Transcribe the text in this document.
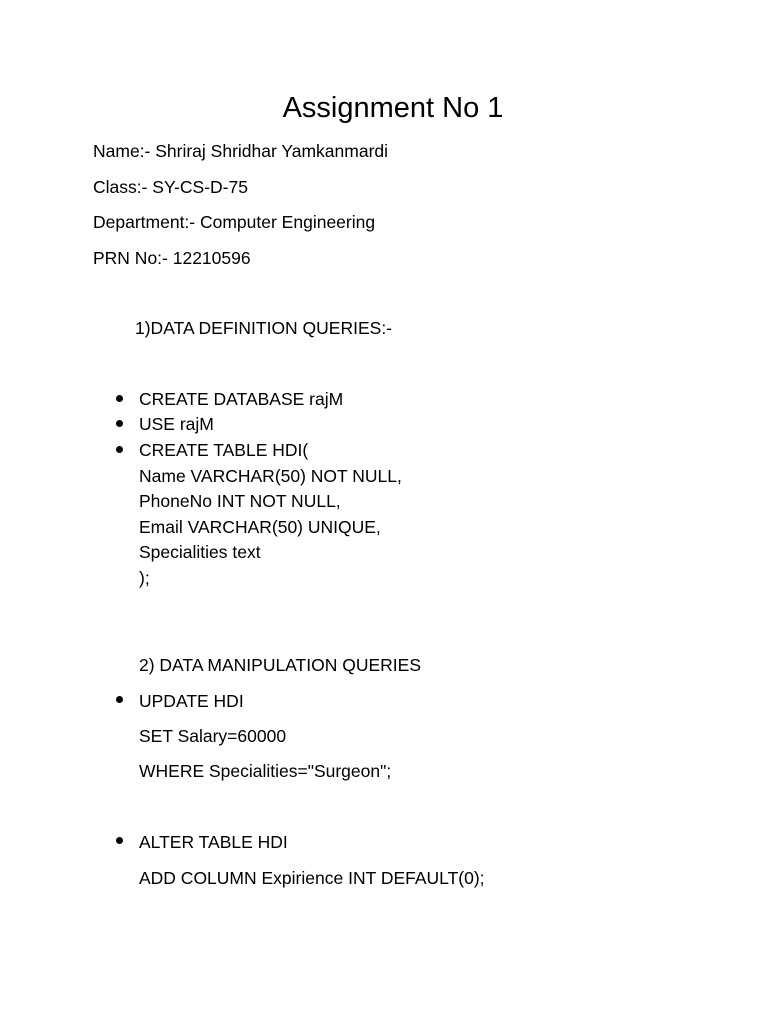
Assignment No 1

Name:- Shriraj Shridhar Yamkanmardi

Class:- SY-CS-D-75

Department:- Computer Engineering

PRN No:- 12210596

1)DATA DEFINITION QUERIES:-

CREATE DATABASE rajM

USE rajM

CREATE TABLE HDI(

Name VARCHAR(50) NOT NULL,

PhoneNo INT NOT NULL,

Email VARCHAR(50) UNIQUE,

Specialities text

);

2) DATA MANIPULATION QUERIES

UPDATE HDI

SET Salary=60000

WHERE Specialities="Surgeon";

ALTER TABLE HDI

ADD COLUMN Expirience INT DEFAULT(0);
